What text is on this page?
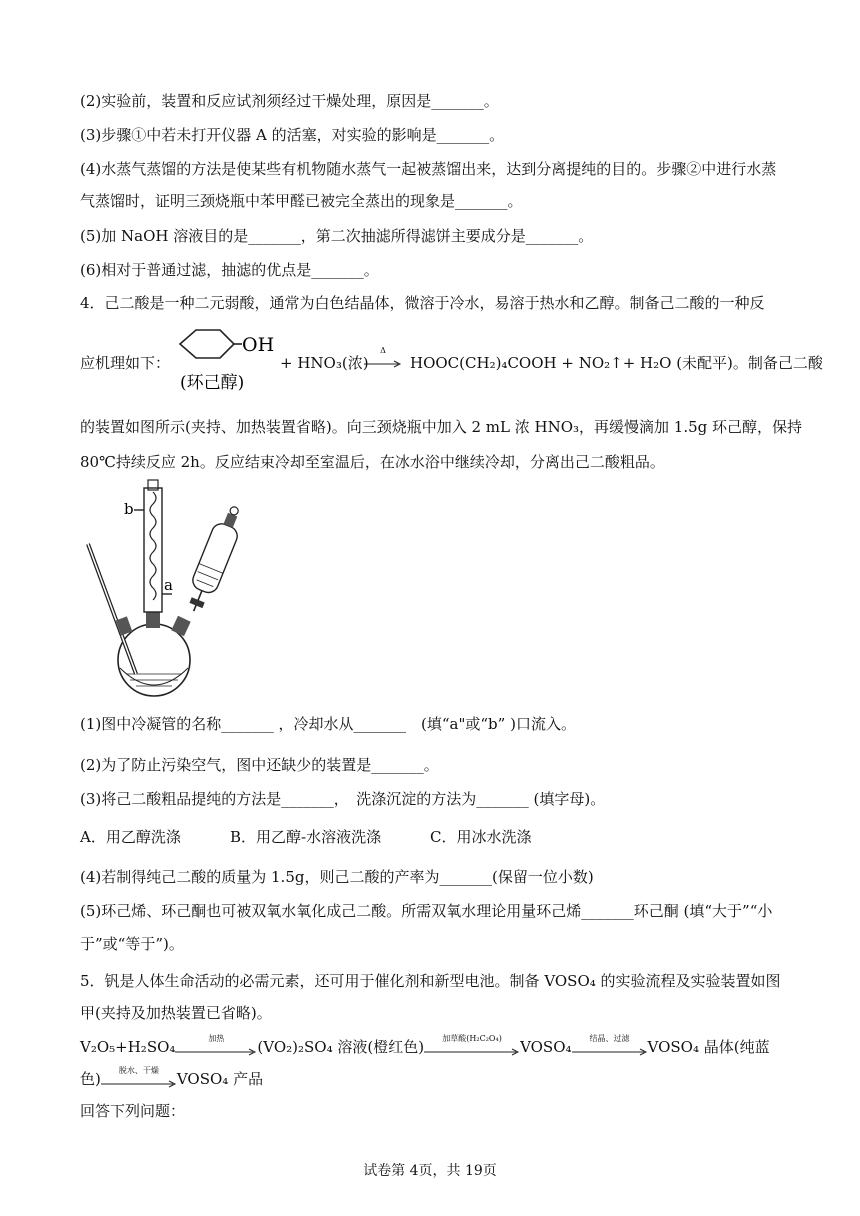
(2)实验前，装置和反应试剂须经过干燥处理，原因是_______。
(3)步骤①中若未打开仪器 A 的活塞，对实验的影响是_______。
(4)水蒸气蒸馏的方法是使某些有机物随水蒸气一起被蒸馏出来，达到分离提纯的目的。步骤②中进行水蒸
气蒸馏时，证明三颈烧瓶中苯甲醛已被完全蒸出的现象是_______。
(5)加 NaOH 溶液目的是_______，第二次抽滤所得滤饼主要成分是_______。
(6)相对于普通过滤，抽滤的优点是_______。
4．己二酸是一种二元弱酸，通常为白色结晶体，微溶于冷水，易溶于热水和乙醇。制备己二酸的一种反
应机理如下：
OH
(环己醇)
+ HNO₃(浓)
Δ
HOOC(CH₂)₄COOH + NO₂↑+ H₂O (未配平)。制备己二酸
的装置如图所示(夹持、加热装置省略)。向三颈烧瓶中加入 2 mL 浓 HNO₃，再缓慢滴加 1.5g 环己醇，保持
80℃持续反应 2h。反应结束冷却至室温后，在冰水浴中继续冷却，分离出己二酸粗品。
b
a
(1)图中冷凝管的名称_______ ，冷却水从_______　(填“a"或“b” )口流入。
(2)为了防止污染空气，图中还缺少的装置是_______。
(3)将己二酸粗品提纯的方法是_______，　洗涤沉淀的方法为_______ (填字母)。
A．用乙醇洗涤	B．用乙醇-水溶液洗涤	C．用冰水洗涤
(4)若制得纯己二酸的质量为 1.5g，则己二酸的产率为_______(保留一位小数)
(5)环己烯、环己酮也可被双氧水氧化成己二酸。所需双氧水理论用量环己烯_______环己酮 (填“大于”“小
于”或“等于”)。
5．钒是人体生命活动的必需元素，还可用于催化剂和新型电池。制备 VOSO₄ 的实验流程及实验装置如图
甲(夹持及加热装置已省略)。
V₂O₅+H₂SO₄	加热	(VO₂)₂SO₄ 溶液(橙红色)	加草酸(H₂C₂O₄)	VOSO₄	结晶、过滤	VOSO₄ 晶体(纯蓝
色)	脱水、干燥	VOSO₄ 产品
回答下列问题：
试卷第 4页，共 19页
